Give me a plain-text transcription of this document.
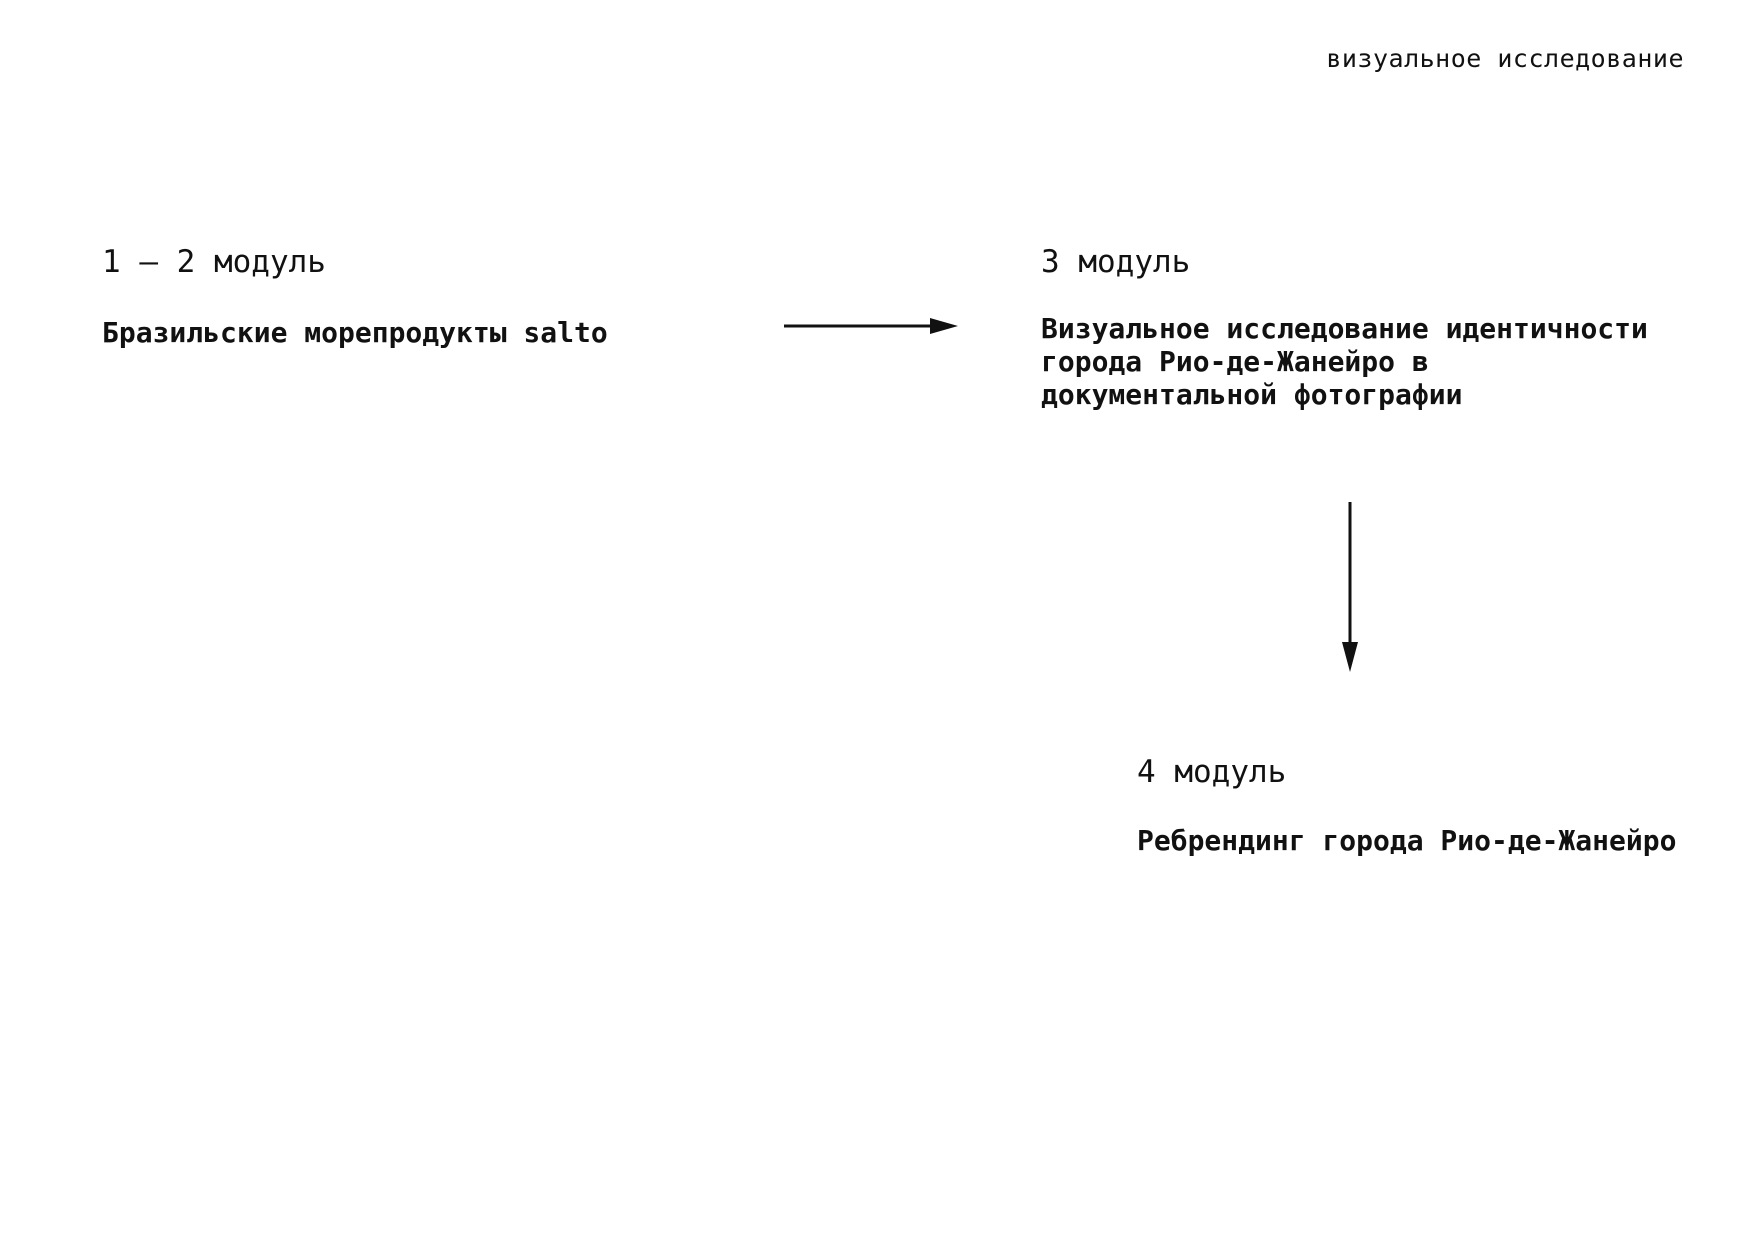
визуальное исследование

1 — 2 модуль

Бразильские морепродукты salto

3 модуль

Визуальное исследование идентичности города Рио-де-Жанейро в документальной фотографии

4 модуль

Ребрендинг города Рио-де-Жанейро
